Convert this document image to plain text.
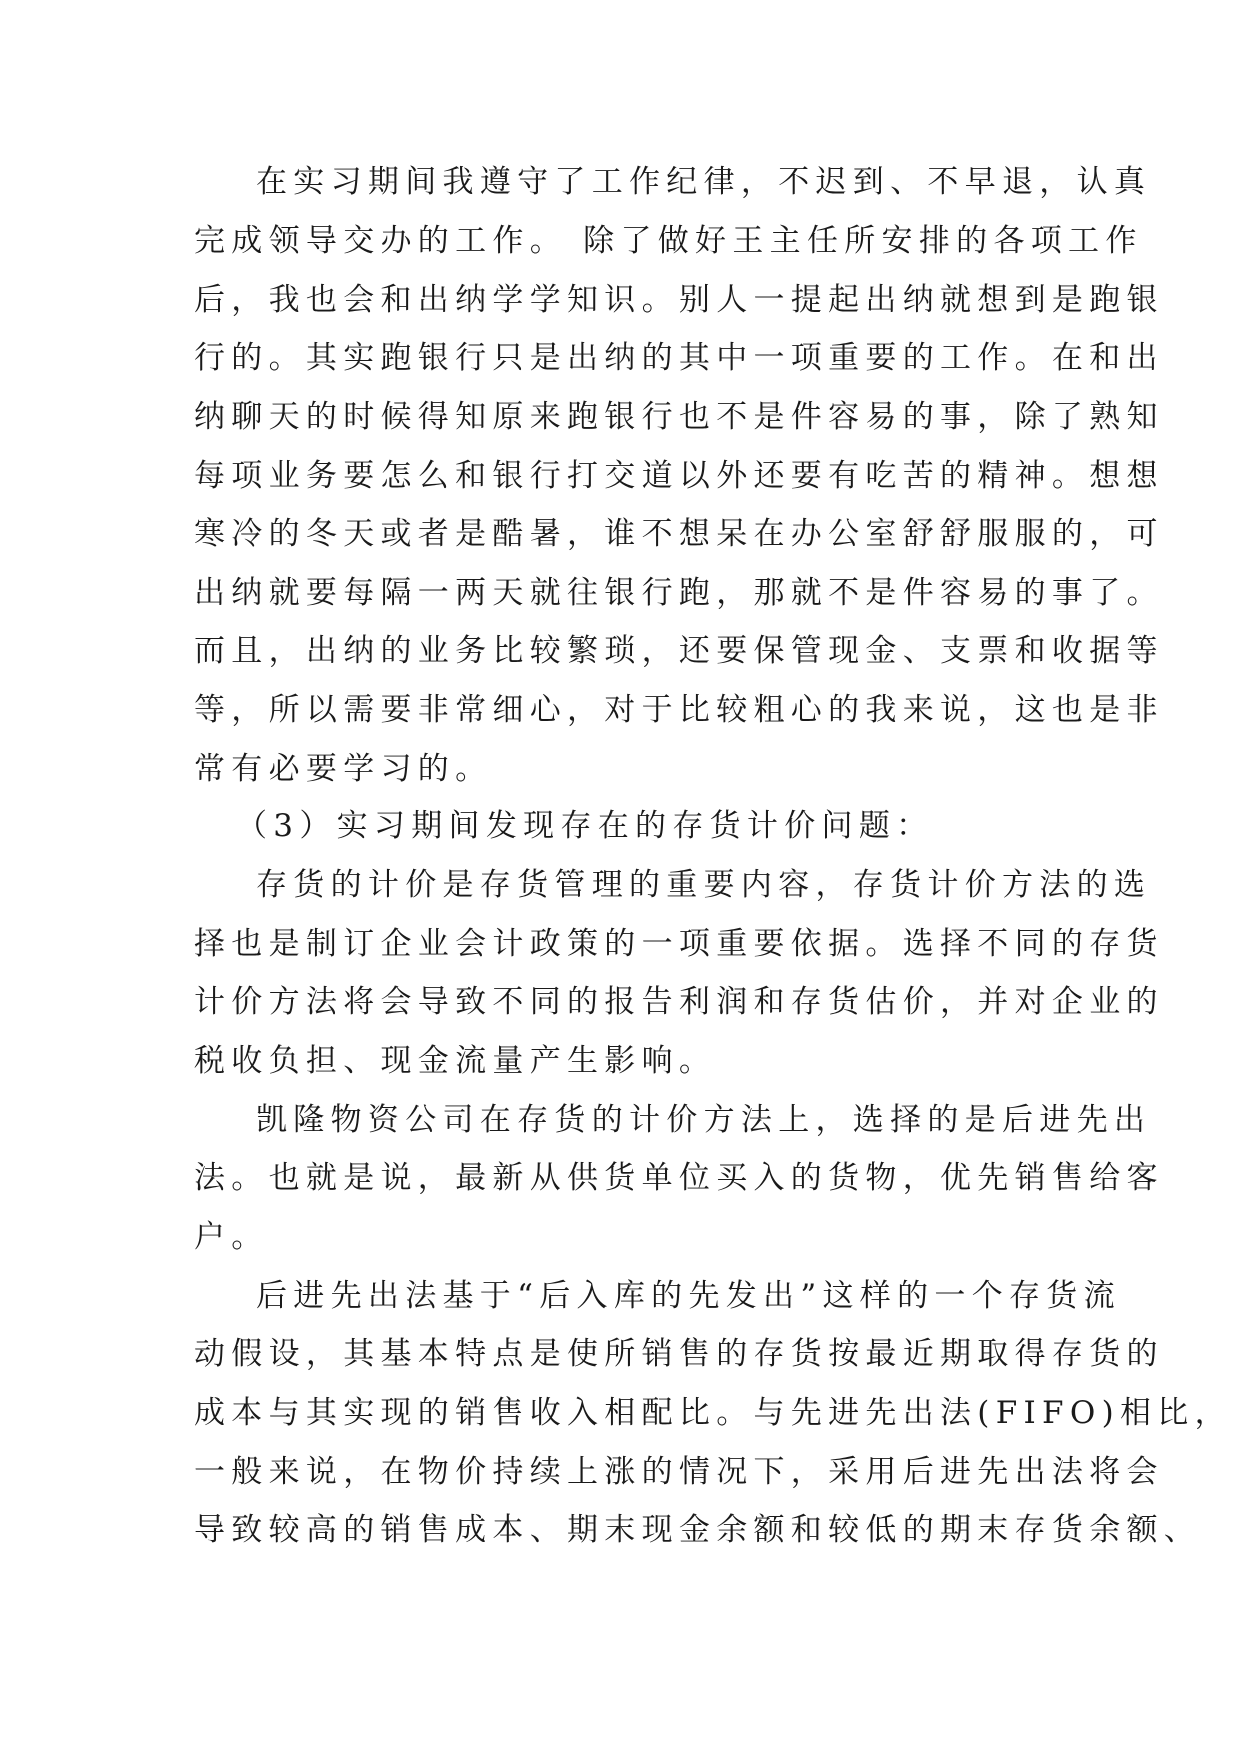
在实习期间我遵守了工作纪律，不迟到、不早退，认真
完成领导交办的工作。 除了做好王主任所安排的各项工作
后，我也会和出纳学学知识。别人一提起出纳就想到是跑银
行的。其实跑银行只是出纳的其中一项重要的工作。在和出
纳聊天的时候得知原来跑银行也不是件容易的事，除了熟知
每项业务要怎么和银行打交道以外还要有吃苦的精神。想想
寒冷的冬天或者是酷暑，谁不想呆在办公室舒舒服服的，可
出纳就要每隔一两天就往银行跑，那就不是件容易的事了。
而且，出纳的业务比较繁琐，还要保管现金、支票和收据等
等，所以需要非常细心，对于比较粗心的我来说，这也是非
常有必要学习的。
（3）实习期间发现存在的存货计价问题：
存货的计价是存货管理的重要内容，存货计价方法的选
择也是制订企业会计政策的一项重要依据。选择不同的存货
计价方法将会导致不同的报告利润和存货估价，并对企业的
税收负担、现金流量产生影响。
凯隆物资公司在存货的计价方法上，选择的是后进先出
法。也就是说，最新从供货单位买入的货物，优先销售给客
户。
后进先出法基于“后入库的先发出”这样的一个存货流
动假设，其基本特点是使所销售的存货按最近期取得存货的
成本与其实现的销售收入相配比。与先进先出法(FIFO)相比，
一般来说，在物价持续上涨的情况下，采用后进先出法将会
导致较高的销售成本、期末现金余额和较低的期末存货余额、
